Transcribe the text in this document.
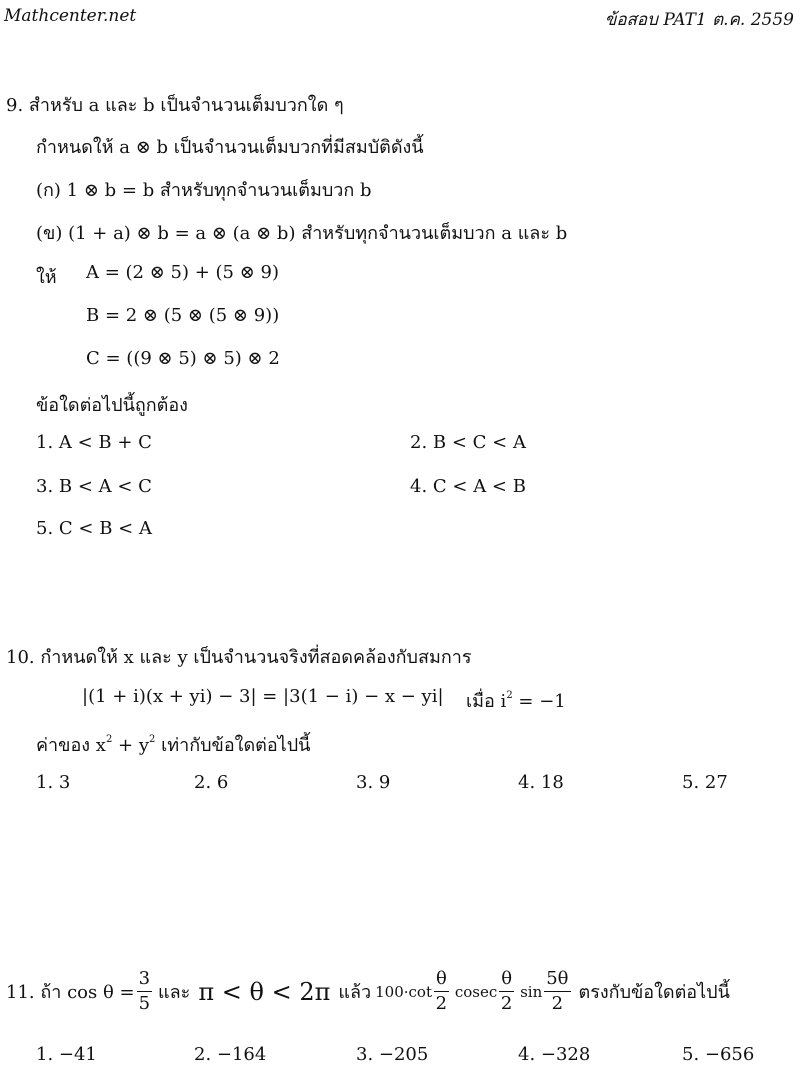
Mathcenter.net	ข้อสอบ PAT1 ต.ค. 2559
9. สำหรับ a และ b เป็นจำนวนเต็มบวกใด ๆ
กำหนดให้ a ⊗ b เป็นจำนวนเต็มบวกที่มีสมบัติดังนี้
(ก) 1 ⊗ b = b สำหรับทุกจำนวนเต็มบวก b
(ข) (1 + a) ⊗ b = a ⊗ (a ⊗ b) สำหรับทุกจำนวนเต็มบวก a และ b
ให้ A = (2 ⊗ 5) + (5 ⊗ 9)
B = 2 ⊗ (5 ⊗ (5 ⊗ 9))
C = ((9 ⊗ 5) ⊗ 5) ⊗ 2
ข้อใดต่อไปนี้ถูกต้อง
1. A < B + C	2. B < C < A
3. B < A < C	4. C < A < B
5. C < B < A
10. กำหนดให้ x และ y เป็นจำนวนจริงที่สอดคล้องกับสมการ
|(1 + i)(x + yi) − 3| = |3(1 − i) − x − yi| เมื่อ $i^2 = -1$
ค่าของ $x^2 + y^2$ เท่ากับข้อใดต่อไปนี้
1. 3	2. 6	3. 9	4. 18	5. 27
11. ถ้า $\cos \theta = \frac{3}{5}$ และ π < θ < 2π แล้ว $100\cdot\cot \frac{\theta}{2}$ cosec $\frac{\theta}{2}$ $\sin \frac{5\theta}{2}$ ตรงกับข้อใดต่อไปนี้
1. −41	2. −164	3. −205	4. −328	5. −656
